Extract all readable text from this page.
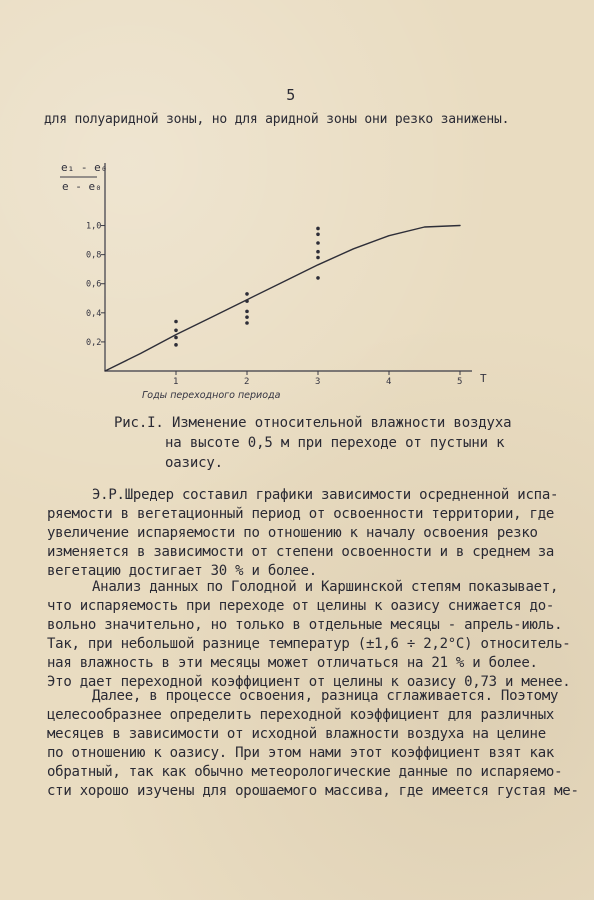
5
для полуаридной зоны, но для аридной зоны они резко занижены.
e₁ - e₀
e - e₀
0,2
0,4
0,6
0,8
1,0
1	2	3	4	5 T
Годы переходного периода
Рис.I. Изменение относительной влажности воздуха
на высоте 0,5 м при переходе от пустыни к
оазису.
Э.Р.Шредер составил графики зависимости осредненной испа-
ряемости в вегетационный период от освоенности территории, где
увеличение испаряемости по отношению к началу освоения резко
изменяется в зависимости от степени освоенности и в среднем за
вегетацию достигает 30 % и более.
Анализ данных по Голодной и Каршинской степям показывает,
что испаряемость при переходе от целины к оазису снижается до-
вольно значительно, но только в отдельные месяцы - апрель-июль.
Так, при небольшой разнице температур (±1,6 ÷ 2,2°С) относитель-
ная влажность в эти месяцы может отличаться на 21 % и более.
Это дает переходной коэффициент от целины к оазису 0,73 и менее.
Далее, в процессе освоения, разница сглаживается. Поэтому
целесообразнее определить переходной коэффициент для различных
месяцев в зависимости от исходной влажности воздуха на целине
по отношению к оазису. При этом нами этот коэффициент взят как
обратный, так как обычно метеорологические данные по испаряемо-
сти хорошо изучены для орошаемого массива, где имеется густая ме-
